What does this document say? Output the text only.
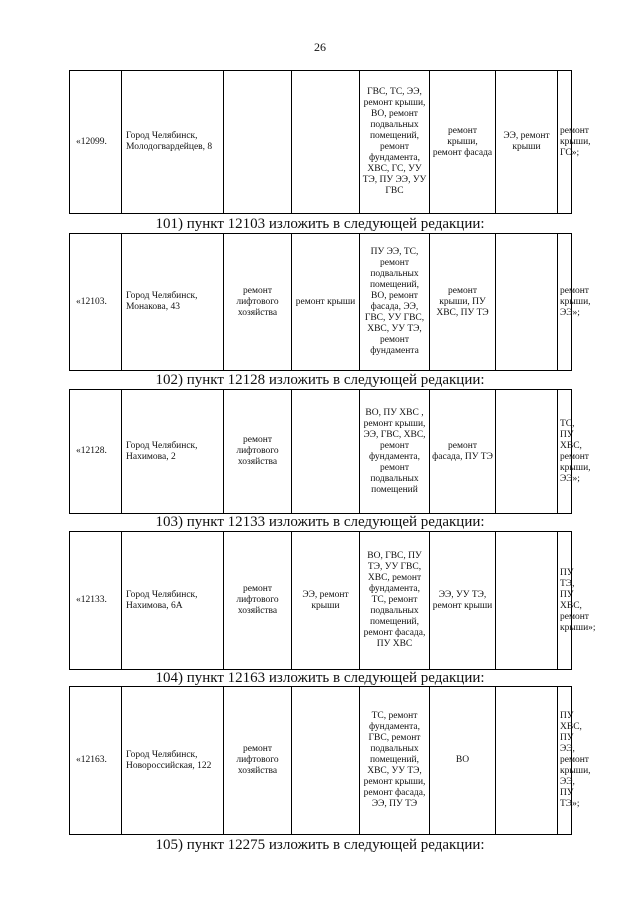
26
«12099.	Город Челябинск, Молодогвардейцев, 8			ГВС, ТС, ЭЭ, ремонт крыши, ВО, ремонт подвальных помещений, ремонт фундамента, ХВС, ГС, УУ ТЭ, ПУ ЭЭ, УУ ГВС	ремонт крыши, ремонт фасада	ЭЭ, ремонт крыши	ремонт крыши, ГС»;
101) пункт 12103 изложить в следующей редакции:
«12103.	Город Челябинск, Монакова, 43	ремонт лифтового хозяйства	ремонт крыши	ПУ ЭЭ, ТС, ремонт подвальных помещений, ВО, ремонт фасада, ЭЭ, ГВС, УУ ГВС, ХВС, УУ ТЭ, ремонт фундамента	ремонт крыши, ПУ ХВС, ПУ ТЭ		ремонт крыши, ЭЭ»;
102) пункт 12128 изложить в следующей редакции:
«12128.	Город Челябинск, Нахимова, 2	ремонт лифтового хозяйства		ВО, ПУ ХВС , ремонт крыши, ЭЭ, ГВС, ХВС, ремонт фундамента, ремонт подвальных помещений	ремонт фасада, ПУ ТЭ		ТС, ПУ ХВС, ремонт крыши, ЭЭ»;
103) пункт 12133 изложить в следующей редакции:
«12133.	Город Челябинск, Нахимова, 6А	ремонт лифтового хозяйства	ЭЭ, ремонт крыши	ВО, ГВС, ПУ ТЭ, УУ ГВС, ХВС, ремонт фундамента, ТС, ремонт подвальных помещений, ремонт фасада, ПУ ХВС	ЭЭ, УУ ТЭ, ремонт крыши		ПУ ТЭ, ПУ ХВС, ремонт крыши»;
104) пункт 12163 изложить в следующей редакции:
«12163.	Город Челябинск, Новороссийская, 122	ремонт лифтового хозяйства		ТС, ремонт фундамента, ГВС, ремонт подвальных помещений, ХВС, УУ ТЭ, ремонт крыши, ремонт фасада, ЭЭ, ПУ ТЭ	ВО		ПУ ХВС, ПУ ЭЭ, ремонт крыши, ЭЭ, ПУ ТЭ»;
105) пункт 12275 изложить в следующей редакции:
